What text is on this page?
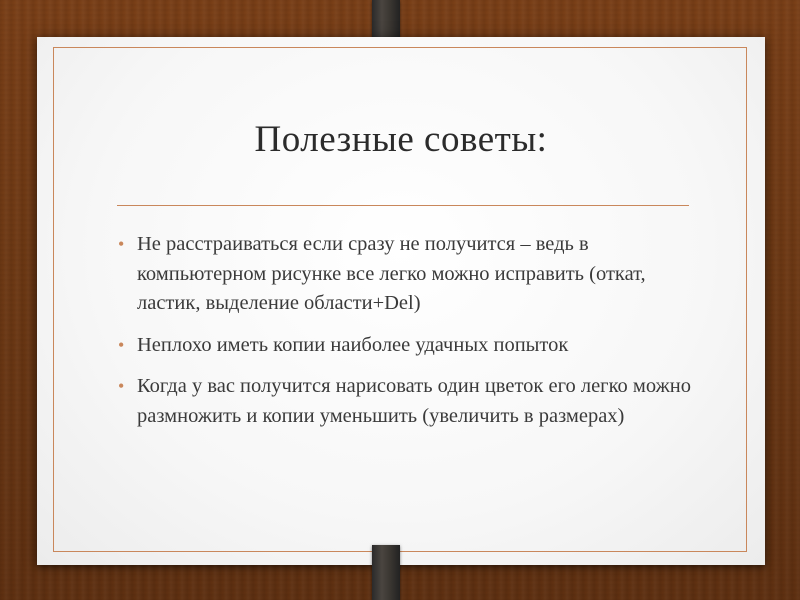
Полезные советы:
• Не расстраиваться если сразу не получится – ведь в компьютерном рисунке все легко можно исправить (откат, ластик, выделение области+Del)
• Неплохо иметь копии наиболее удачных попыток
• Когда у вас получится нарисовать один цветок его легко можно размножить и копии уменьшить (увеличить в размерах)
